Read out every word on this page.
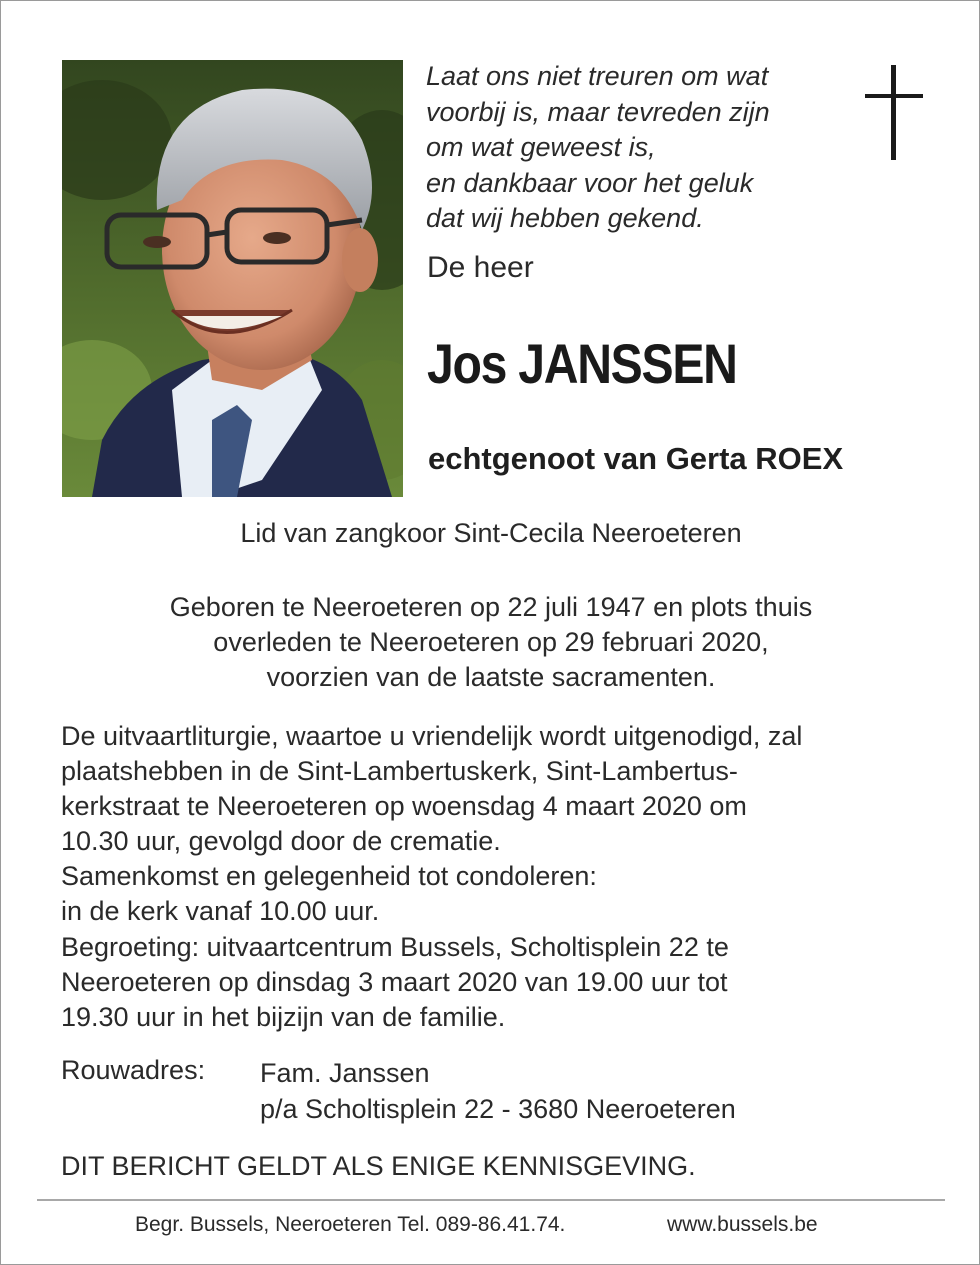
Laat ons niet treuren om wat
voorbij is, maar tevreden zijn
om wat geweest is,
en dankbaar voor het geluk
dat wij hebben gekend.
De heer
Jos JANSSEN
echtgenoot van Gerta ROEX
Lid van zangkoor Sint-Cecila Neeroeteren
Geboren te Neeroeteren op 22 juli 1947 en plots thuis
overleden te Neeroeteren op 29 februari 2020,
voorzien van de laatste sacramenten.
De uitvaartliturgie, waartoe u vriendelijk wordt uitgenodigd, zal
plaatshebben in de Sint-Lambertuskerk, Sint-Lambertus-
kerkstraat te Neeroeteren op woensdag 4 maart 2020 om
10.30 uur, gevolgd door de crematie.
Samenkomst en gelegenheid tot condoleren:
in de kerk vanaf 10.00 uur.
Begroeting: uitvaartcentrum Bussels, Scholtisplein 22 te
Neeroeteren op dinsdag 3 maart 2020 van 19.00 uur tot
19.30 uur in het bijzijn van de familie.
Rouwadres: Fam. Janssen
p/a Scholtisplein 22 - 3680 Neeroeteren
DIT BERICHT GELDT ALS ENIGE KENNISGEVING.
Begr. Bussels, Neeroeteren Tel. 089-86.41.74.	www.bussels.be
